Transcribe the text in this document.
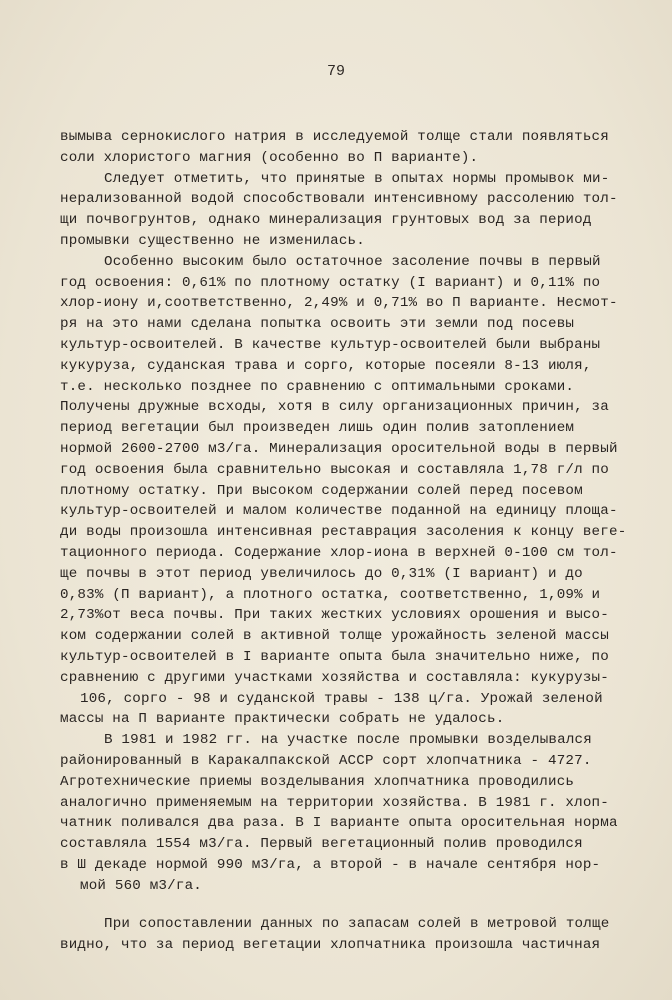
79
вымыва сернокислого натрия в исследуемой толще стали появляться
соли хлористого магния (особенно во П варианте).
Следует отметить, что принятые в опытах нормы промывок ми-
нерализованной водой способствовали интенсивному рассолению тол-
щи почвогрунтов, однако минерализация грунтовых вод за период
промывки существенно не изменилась.
Особенно высоким было остаточное засоление почвы в первый
год освоения: 0,61% по плотному остатку (I вариант) и 0,11% по
хлор-иону и,соответственно, 2,49% и 0,71% во П варианте. Несмот-
ря на это нами сделана попытка освоить эти земли под посевы
культур-освоителей. В качестве культур-освоителей были выбраны
кукуруза, суданская трава и сорго, которые посеяли 8-13 июля,
т.е. несколько позднее по сравнению с оптимальными сроками.
Получены дружные всходы, хотя в силу организационных причин, за
период вегетации был произведен лишь один полив затоплением
нормой 2600-2700 м3/га. Минерализация оросительной воды в первый
год освоения была сравнительно высокая и составляла 1,78 г/л по
плотному остатку. При высоком содержании солей перед посевом
культур-освоителей и малом количестве поданной на единицу площа-
ди воды произошла интенсивная реставрация засоления к концу веге-
тационного периода. Содержание хлор-иона в верхней 0-100 см тол-
ще почвы в этот период увеличилось до 0,31% (I вариант) и до
0,83% (П вариант), а плотного остатка, соответственно, 1,09% и
2,73%от веса почвы. При таких жестких условиях орошения и высо-
ком содержании солей в активной толще урожайность зеленой массы
культур-освоителей в I варианте опыта была значительно ниже, по
сравнению с другими участками хозяйства и составляла: кукурузы-
106, сорго - 98 и суданской травы - 138 ц/га. Урожай зеленой
массы на П варианте практически собрать не удалось.
В 1981 и 1982 гг. на участке после промывки возделывался
районированный в Каракалпакской АССР сорт хлопчатника - 4727.
Агротехнические приемы возделывания хлопчатника проводились
аналогично применяемым на территории хозяйства. В 1981 г. хлоп-
чатник поливался два раза. В I варианте опыта оросительная норма
составляла 1554 м3/га. Первый вегетационный полив проводился
в Ш декаде нормой 990 м3/га, а второй - в начале сентября нор-
мой 560 м3/га.
При сопоставлении данных по запасам солей в метровой толще
видно, что за период вегетации хлопчатника произошла частичная
